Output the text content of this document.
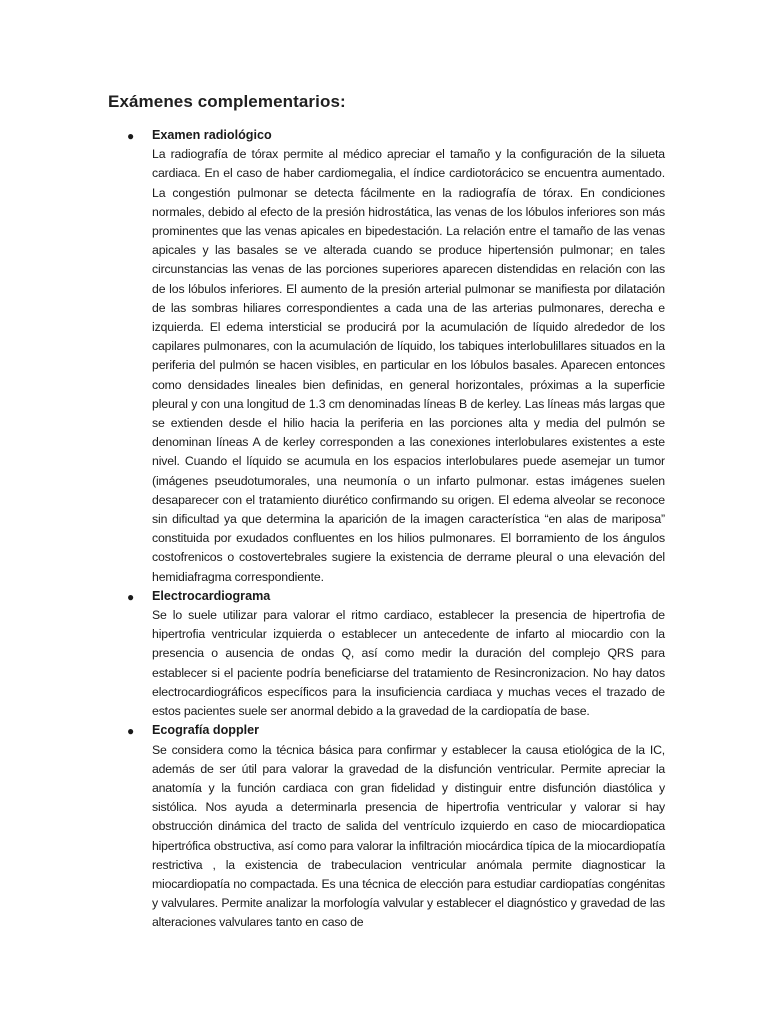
Exámenes complementarios:
● Examen radiológico
La radiografía de tórax permite al médico apreciar el tamaño y la configuración de la silueta cardiaca. En el caso de haber cardiomegalia, el índice cardiotorácico se encuentra aumentado. La congestión pulmonar se detecta fácilmente en la radiografía de tórax. En condiciones normales, debido al efecto de la presión hidrostática, las venas de los lóbulos inferiores son más prominentes que las venas apicales en bipedestación. La relación entre el tamaño de las venas apicales y las basales se ve alterada cuando se produce hipertensión pulmonar; en tales circunstancias las venas de las porciones superiores aparecen distendidas en relación con las de los lóbulos inferiores. El aumento de la presión arterial pulmonar se manifiesta por dilatación de las sombras hiliares correspondientes a cada una de las arterias pulmonares, derecha e izquierda. El edema intersticial se producirá por la acumulación de líquido alrededor de los capilares pulmonares, con la acumulación de líquido, los tabiques interlobulillares situados en la periferia del pulmón se hacen visibles, en particular en los lóbulos basales. Aparecen entonces como densidades lineales bien definidas, en general horizontales, próximas a la superficie pleural y con una longitud de 1.3 cm denominadas líneas B de kerley. Las líneas más largas que se extienden desde el hilio hacia la periferia en las porciones alta y media del pulmón se denominan líneas A de kerley corresponden a las conexiones interlobulares existentes a este nivel. Cuando el líquido se acumula en los espacios interlobulares puede asemejar un tumor (imágenes pseudotumorales, una neumonía o un infarto pulmonar. estas imágenes suelen desaparecer con el tratamiento diurético confirmando su origen. El edema alveolar se reconoce sin dificultad ya que determina la aparición de la imagen característica “en alas de mariposa” constituida por exudados confluentes en los hilios pulmonares. El borramiento de los ángulos costofrenicos o costovertebrales sugiere la existencia de derrame pleural o una elevación del hemidiafragma correspondiente.
● Electrocardiograma
Se lo suele utilizar para valorar el ritmo cardiaco, establecer la presencia de hipertrofia de hipertrofia ventricular izquierda o establecer un antecedente de infarto al miocardio con la presencia o ausencia de ondas Q, así como medir la duración del complejo QRS para establecer si el paciente podría beneficiarse del tratamiento de Resincronizacion. No hay datos electrocardiográficos específicos para la insuficiencia cardiaca y muchas veces el trazado de estos pacientes suele ser anormal debido a la gravedad de la cardiopatía de base.
● Ecografía doppler
Se considera como la técnica básica para confirmar y establecer la causa etiológica de la IC, además de ser útil para valorar la gravedad de la disfunción ventricular. Permite apreciar la anatomía y la función cardiaca con gran fidelidad y distinguir entre disfunción diastólica y sistólica. Nos ayuda a determinarla presencia de hipertrofia ventricular y valorar si hay obstrucción dinámica del tracto de salida del ventrículo izquierdo en caso de miocardiopatica hipertrófica obstructiva, así como para valorar la infiltración miocárdica típica de la miocardiopatía restrictiva , la existencia de trabeculacion ventricular anómala permite diagnosticar la miocardiopatía no compactada. Es una técnica de elección para estudiar cardiopatías congénitas y valvulares. Permite analizar la morfología valvular y establecer el diagnóstico y gravedad de las alteraciones valvulares tanto en caso de
